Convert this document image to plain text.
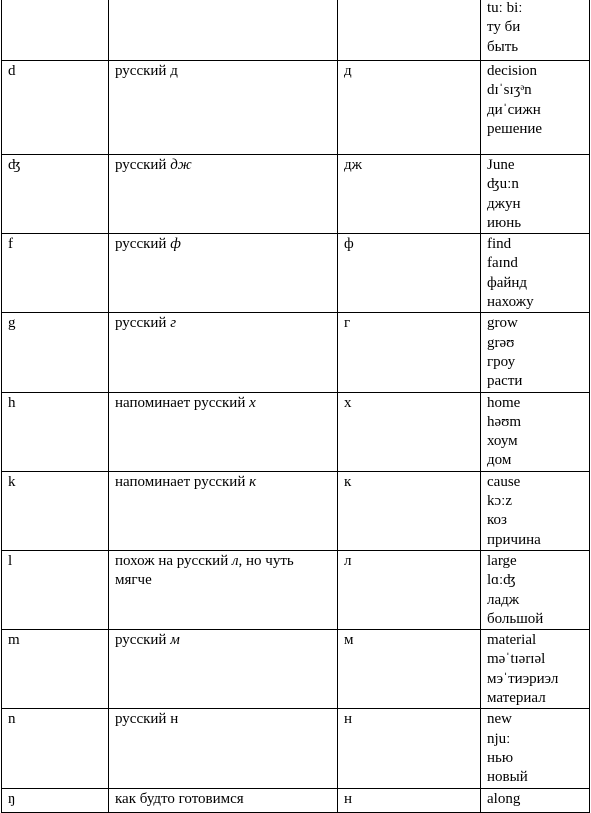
			tuː biː
ту би
быть

d	русский д	д	decision
dɪˈsɪʒᵊn
диˈсижн
решение

ʤ	русский дж	дж	June
ʤuːn
джун
июнь

f	русский ф	ф	find
faɪnd
файнд
нахожу

g	русский г	г	grow
grəʊ
гроу
расти

h	напоминает русский х	х	home
həʊm
хоум
дом

k	напоминает русский к	к	cause
kɔːz
коз
причина

l	похож на русский л, но чуть мягче	л	large
lɑːʤ
ладж
большой

m	русский м	м	material
məˈtɪərɪəl
мэˈтиэриэл
материал

n	русский н	н	new
njuː
нью
новый

ŋ	как будто готовимся	н	along
